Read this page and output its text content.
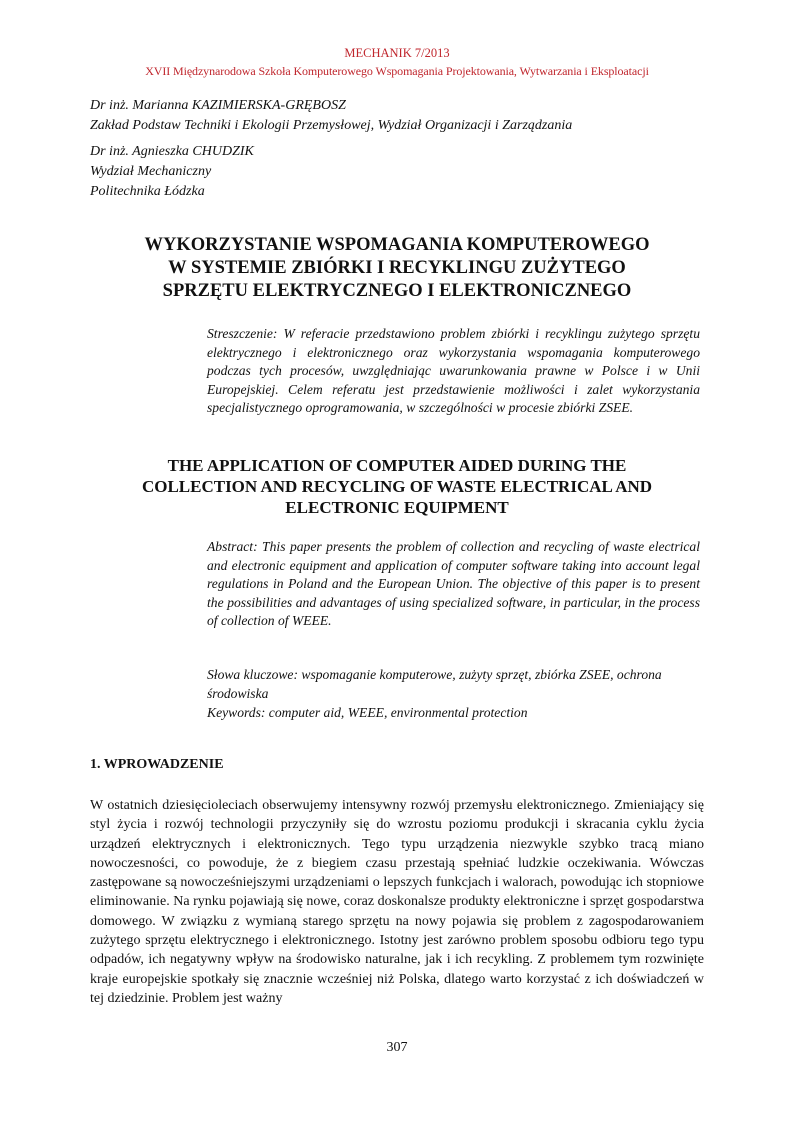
MECHANIK 7/2013
XVII Międzynarodowa Szkoła Komputerowego Wspomagania Projektowania, Wytwarzania i Eksploatacji
Dr inż. Marianna KAZIMIERSKA-GRĘBOSZ
Zakład Podstaw Techniki i Ekologii Przemysłowej, Wydział Organizacji i Zarządzania
Dr inż. Agnieszka CHUDZIK
Wydział Mechaniczny
Politechnika Łódzka
WYKORZYSTANIE WSPOMAGANIA KOMPUTEROWEGO
W SYSTEMIE ZBIÓRKI I RECYKLINGU ZUŻYTEGO
SPRZĘTU ELEKTRYCZNEGO I ELEKTRONICZNEGO
Streszczenie: W referacie przedstawiono problem zbiórki i recyklingu zużytego sprzętu elektrycznego i elektronicznego oraz wykorzystania wspomagania komputerowego podczas tych procesów, uwzględniając uwarunkowania prawne w Polsce i w Unii Europejskiej. Celem referatu jest przedstawienie możliwości i zalet wykorzystania specjalistycznego oprogramowania, w szczególności w procesie zbiórki ZSEE.
THE APPLICATION OF COMPUTER AIDED DURING THE
COLLECTION AND RECYCLING OF WASTE ELECTRICAL AND
ELECTRONIC EQUIPMENT
Abstract: This paper presents the problem of collection and recycling of waste electrical and electronic equipment and application of computer software taking into account legal regulations in Poland and the European Union. The objective of this paper is to present the possibilities and advantages of using specialized software, in particular, in the process of collection of WEEE.
Słowa kluczowe: wspomaganie komputerowe, zużyty sprzęt, zbiórka ZSEE, ochrona środowiska
Keywords: computer aid, WEEE, environmental protection
1. WPROWADZENIE
W ostatnich dziesięcioleciach obserwujemy intensywny rozwój przemysłu elektronicznego. Zmieniający się styl życia i rozwój technologii przyczyniły się do wzrostu poziomu produkcji i skracania cyklu życia urządzeń elektrycznych i elektronicznych. Tego typu urządzenia niezwykle szybko tracą miano nowoczesności, co powoduje, że z biegiem czasu przestają spełniać ludzkie oczekiwania. Wówczas zastępowane są nowocześniejszymi urządzeniami o lepszych funkcjach i walorach, powodując ich stopniowe eliminowanie. Na rynku pojawiają się nowe, coraz doskonalsze produkty elektroniczne i sprzęt gospodarstwa domowego. W związku z wymianą starego sprzętu na nowy pojawia się problem z zagospodarowaniem zużytego sprzętu elektrycznego i elektronicznego. Istotny jest zarówno problem sposobu odbioru tego typu odpadów, ich negatywny wpływ na środowisko naturalne, jak i ich recykling. Z problemem tym rozwinięte kraje europejskie spotkały się znacznie wcześniej niż Polska, dlatego warto korzystać z ich doświadczeń w tej dziedzinie. Problem jest ważny
307
